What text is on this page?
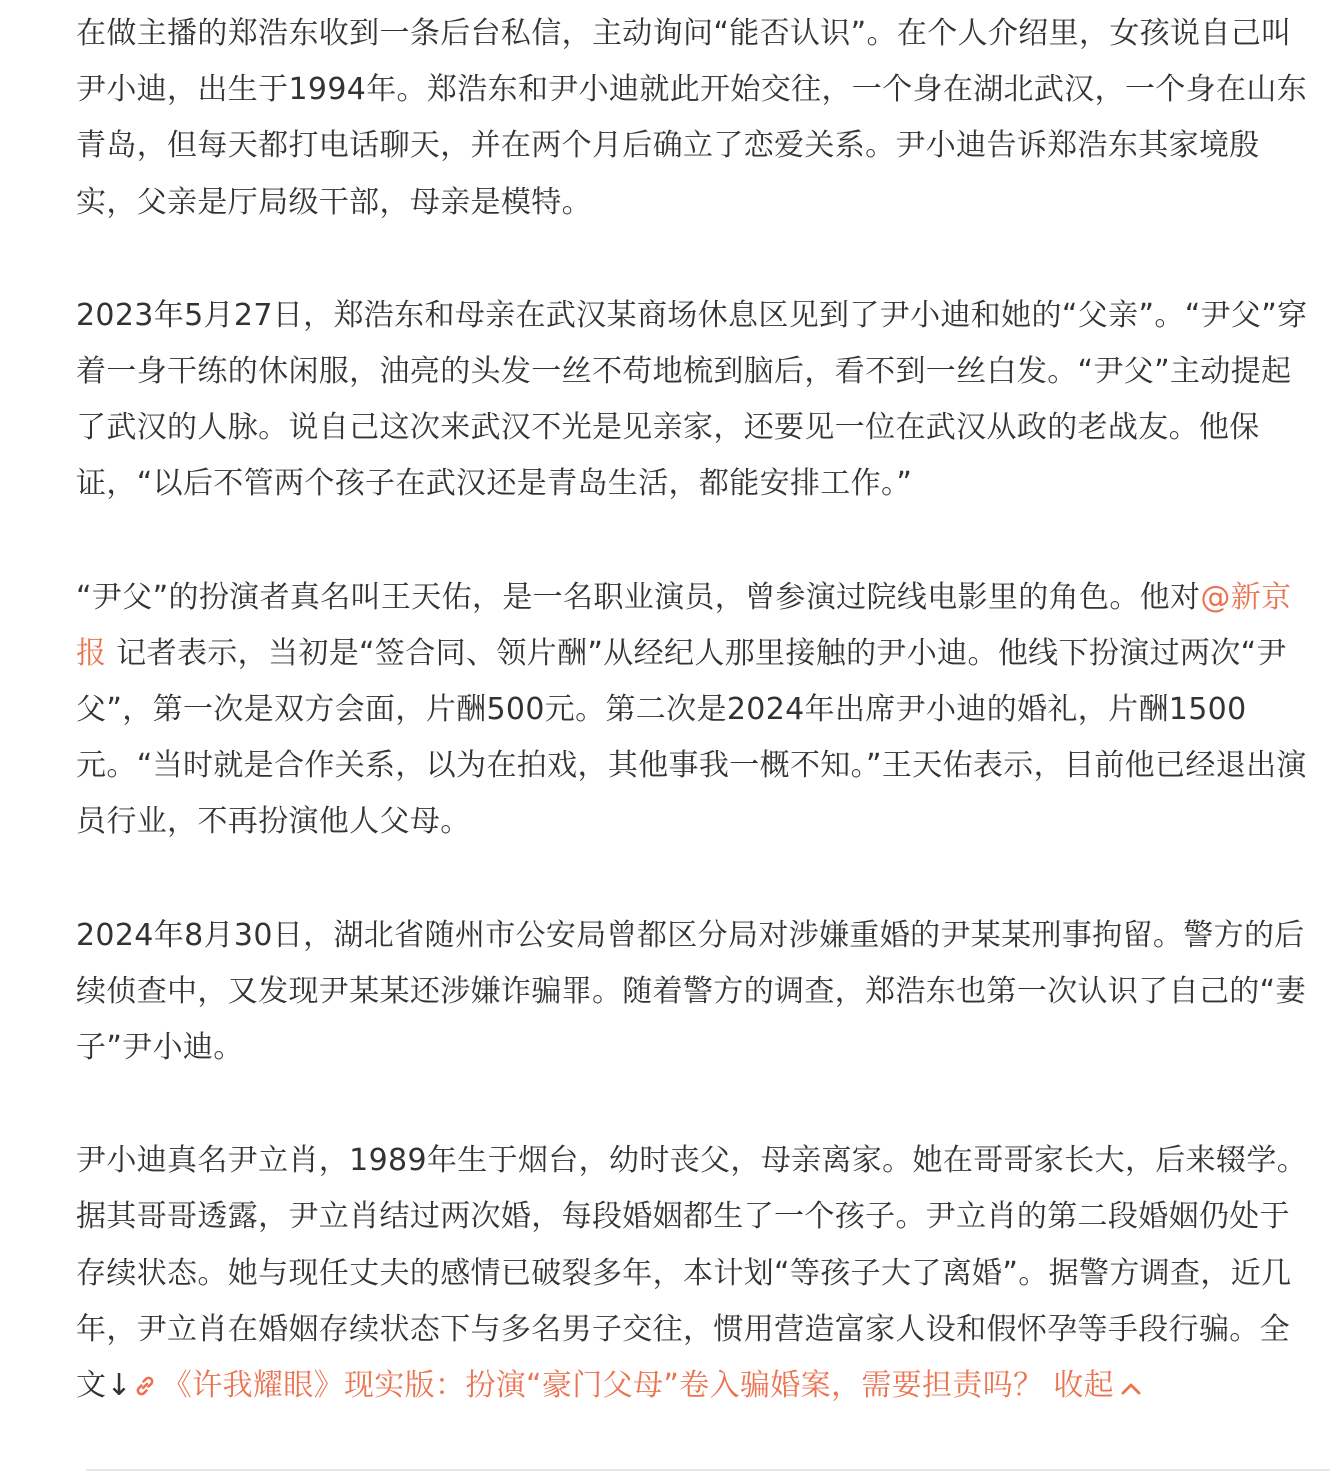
在做主播的郑浩东收到一条后台私信，主动询问“能否认识”。在个人介绍里，女孩说自己叫尹小迪，出生于1994年。郑浩东和尹小迪就此开始交往，一个身在湖北武汉，一个身在山东青岛，但每天都打电话聊天，并在两个月后确立了恋爱关系。尹小迪告诉郑浩东其家境殷实，父亲是厅局级干部，母亲是模特。

2023年5月27日，郑浩东和母亲在武汉某商场休息区见到了尹小迪和她的“父亲”。“尹父”穿着一身干练的休闲服，油亮的头发一丝不苟地梳到脑后，看不到一丝白发。“尹父”主动提起了武汉的人脉。说自己这次来武汉不光是见亲家，还要见一位在武汉从政的老战友。他保证，“以后不管两个孩子在武汉还是青岛生活，都能安排工作。”

“尹父”的扮演者真名叫王天佑，是一名职业演员，曾参演过院线电影里的角色。他对@新京报 记者表示，当初是“签合同、领片酬”从经纪人那里接触的尹小迪。他线下扮演过两次“尹父”，第一次是双方会面，片酬500元。第二次是2024年出席尹小迪的婚礼，片酬1500元。“当时就是合作关系，以为在拍戏，其他事我一概不知。”王天佑表示，目前他已经退出演员行业，不再扮演他人父母。

2024年8月30日，湖北省随州市公安局曾都区分局对涉嫌重婚的尹某某刑事拘留。警方的后续侦查中，又发现尹某某还涉嫌诈骗罪。随着警方的调查，郑浩东也第一次认识了自己的“妻子”尹小迪。

尹小迪真名尹立肖，1989年生于烟台，幼时丧父，母亲离家。她在哥哥家长大，后来辍学。据其哥哥透露，尹立肖结过两次婚，每段婚姻都生了一个孩子。尹立肖的第二段婚姻仍处于存续状态。她与现任丈夫的感情已破裂多年，本计划“等孩子大了离婚”。据警方调查，近几年，尹立肖在婚姻存续状态下与多名男子交往，惯用营造富家人设和假怀孕等手段行骗。全文↓ 《许我耀眼》现实版：扮演“豪门父母”卷入骗婚案，需要担责吗？ 收起
